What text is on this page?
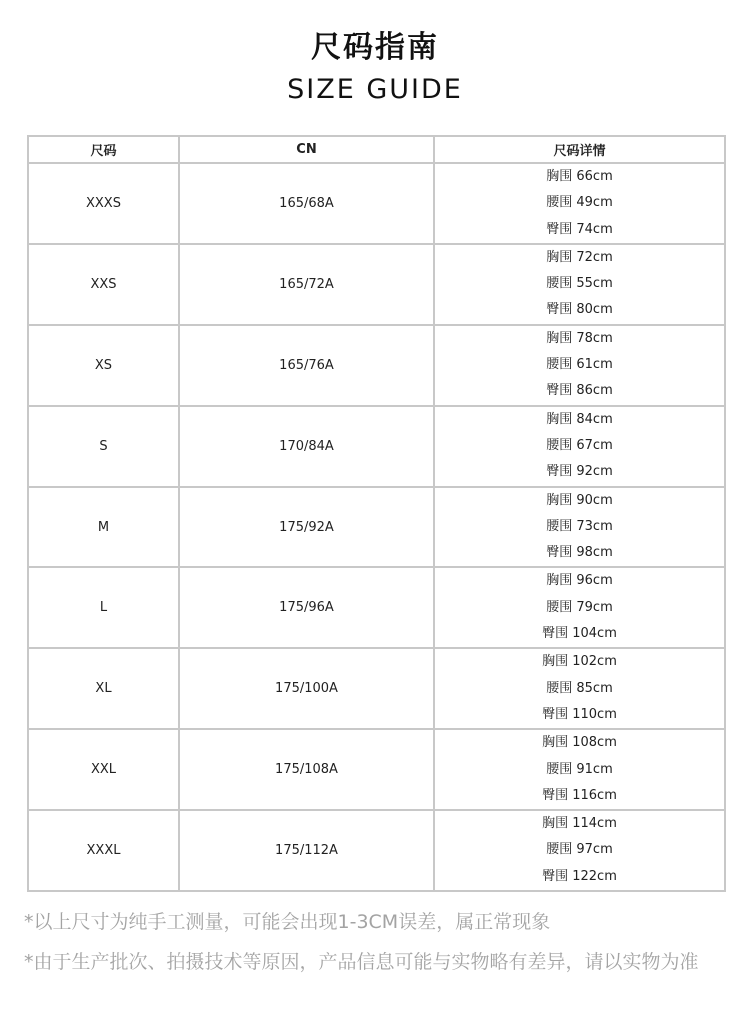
尺码指南
SIZE GUIDE
尺码	CN	尺码详情
XXXS	165/68A	胸围 66cm
腰围 49cm
臀围 74cm

XXS	165/72A	胸围 72cm
腰围 55cm
臀围 80cm

XS	165/76A	胸围 78cm
腰围 61cm
臀围 86cm

S	170/84A	胸围 84cm
腰围 67cm
臀围 92cm

M	175/92A	胸围 90cm
腰围 73cm
臀围 98cm

L	175/96A	胸围 96cm
腰围 79cm
臀围 104cm

XL	175/100A	胸围 102cm
腰围 85cm
臀围 110cm

XXL	175/108A	胸围 108cm
腰围 91cm
臀围 116cm

XXXL	175/112A	胸围 114cm
腰围 97cm
臀围 122cm
*以上尺寸为纯手工测量，可能会出现1-3CM误差，属正常现象
*由于生产批次、拍摄技术等原因，产品信息可能与实物略有差异，请以实物为准
